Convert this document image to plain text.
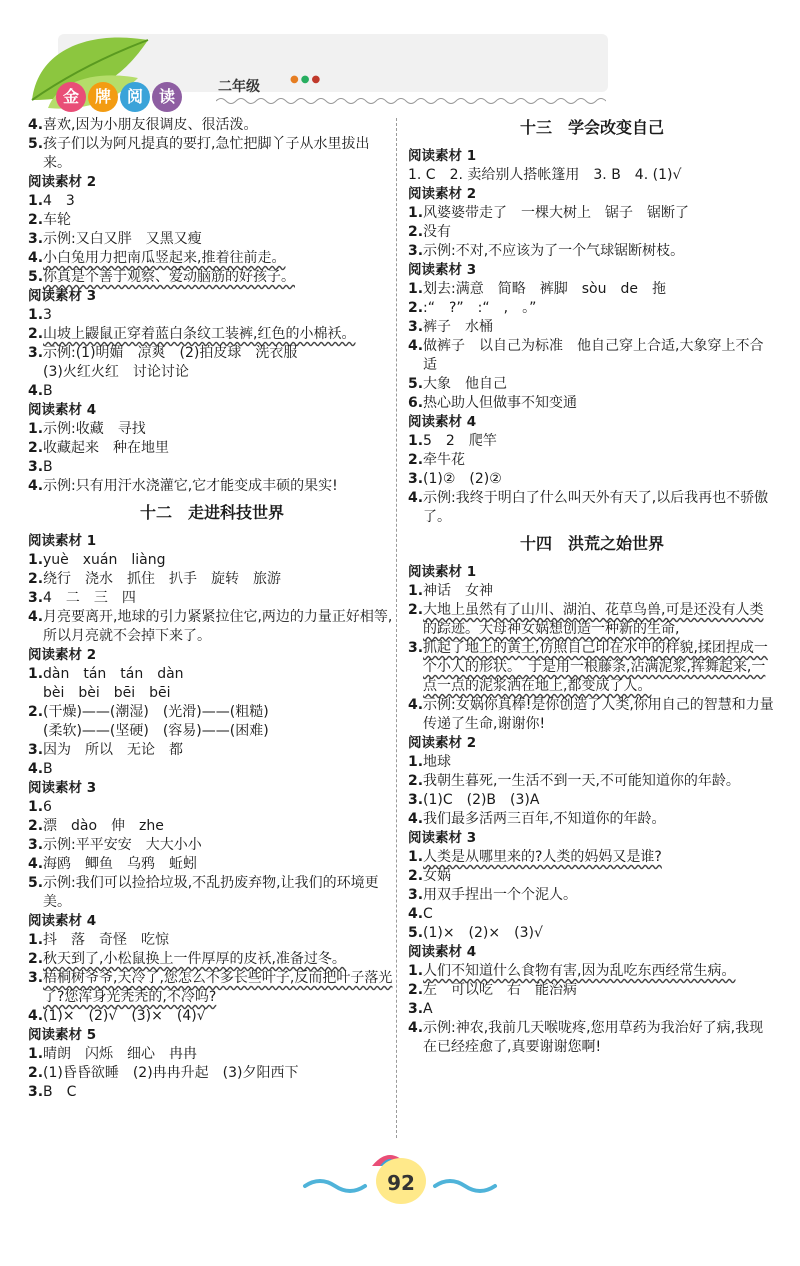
金 牌 阅 读	二年级	●●●
4. 喜欢,因为小朋友很调皮、很活泼。
5. 孩子们以为阿凡提真的要打,急忙把脚丫子从水里拔出来。
阅读素材 2
1. 4　3
2. 车轮
3. 示例:又白又胖　又黑又瘦
4. 小白兔用力把南瓜竖起来,推着往前走。
5. 你真是个善于观察、爱动脑筋的好孩子。
阅读素材 3
1. 3
2. 山坡上鼹鼠正穿着蓝白条纹工装裤,红色的小棉袄。
3. 示例:(1)明媚　凉爽　(2)拍皮球　洗衣服
(3)火红火红　讨论讨论
4. B
阅读素材 4
1. 示例:收藏　寻找
2. 收藏起来　种在地里
3. B
4. 示例:只有用汗水浇灌它,它才能变成丰硕的果实!
十二　走进科技世界
阅读素材 1
1. yuè　xuán　liàng
2. 绕行　浇水　抓住　扒手　旋转　旅游
3. 4　二　三　四
4. 月亮要离开,地球的引力紧紧拉住它,两边的力量正好相等,所以月亮就不会掉下来了。
阅读素材 2
1. dàn　tán　tán　dàn
bèi　bèi　bēi　bēi
2. (干燥)——(潮湿)　(光滑)——(粗糙)
(柔软)——(坚硬)　(容易)——(困难)
3. 因为　所以　无论　都
4. B
阅读素材 3
1. 6
2. 漂　dào　伸　zhe
3. 示例:平平安安　大大小小
4. 海鸥　鲫鱼　乌鸦　蚯蚓
5. 示例:我们可以捡拾垃圾,不乱扔废弃物,让我们的环境更美。
阅读素材 4
1. 抖　落　奇怪　吃惊
2. 秋天到了,小松鼠换上一件厚厚的皮袄,准备过冬。
3. 梧桐树爷爷,天冷了,您怎么不多长些叶子,反而把叶子落光了?您浑身光秃秃的,不冷吗?
4. (1)×　(2)√　(3)×　(4)√
阅读素材 5
1. 晴朗　闪烁　细心　冉冉
2. (1)昏昏欲睡　(2)冉冉升起　(3)夕阳西下
3. B　C
十三　学会改变自己
阅读素材 1
1. C　2. 卖给别人搭帐篷用　3. B　4. (1)√
阅读素材 2
1. 风婆婆带走了　一棵大树上　锯子　锯断了
2. 没有
3. 示例:不对,不应该为了一个气球锯断树枝。
阅读素材 3
1. 划去:满意　简略　裤脚　sòu　de　拖
2. :“　?”　:“　,　。”
3. 裤子　水桶
4. 做裤子　以自己为标准　他自己穿上合适,大象穿上不合适
5. 大象　他自己
6. 热心助人但做事不知变通
阅读素材 4
1. 5　2　爬竿
2. 牵牛花
3. (1)②　(2)②
4. 示例:我终于明白了什么叫天外有天了,以后我再也不骄傲了。
十四　洪荒之始世界
阅读素材 1
1. 神话　女神
2. 大地上虽然有了山川、湖泊、花草鸟兽,可是还没有人类的踪迹。大母神女娲想创造一种新的生命,
3. 抓起了地上的黄土,仿照自己印在水中的样貌,揉团捏成一个小人的形状。　于是用一根藤条,沾满泥浆,挥舞起来,一点一点的泥浆洒在地上,都变成了人。
4. 示例:女娲你真棒!是你创造了人类,你用自己的智慧和力量传递了生命,谢谢你!
阅读素材 2
1. 地球
2. 我朝生暮死,一生活不到一天,不可能知道你的年龄。
3. (1)C　(2)B　(3)A
4. 我们最多活两三百年,不知道你的年龄。
阅读素材 3
1. 人类是从哪里来的?人类的妈妈又是谁?
2. 女娲
3. 用双手捏出一个个泥人。
4. C
5. (1)×　(2)×　(3)√
阅读素材 4
1. 人们不知道什么食物有害,因为乱吃东西经常生病。
2. 左　可以吃　右　能治病
3. A
4. 示例:神农,我前几天喉咙疼,您用草药为我治好了病,我现在已经痊愈了,真要谢谢您啊!
92
